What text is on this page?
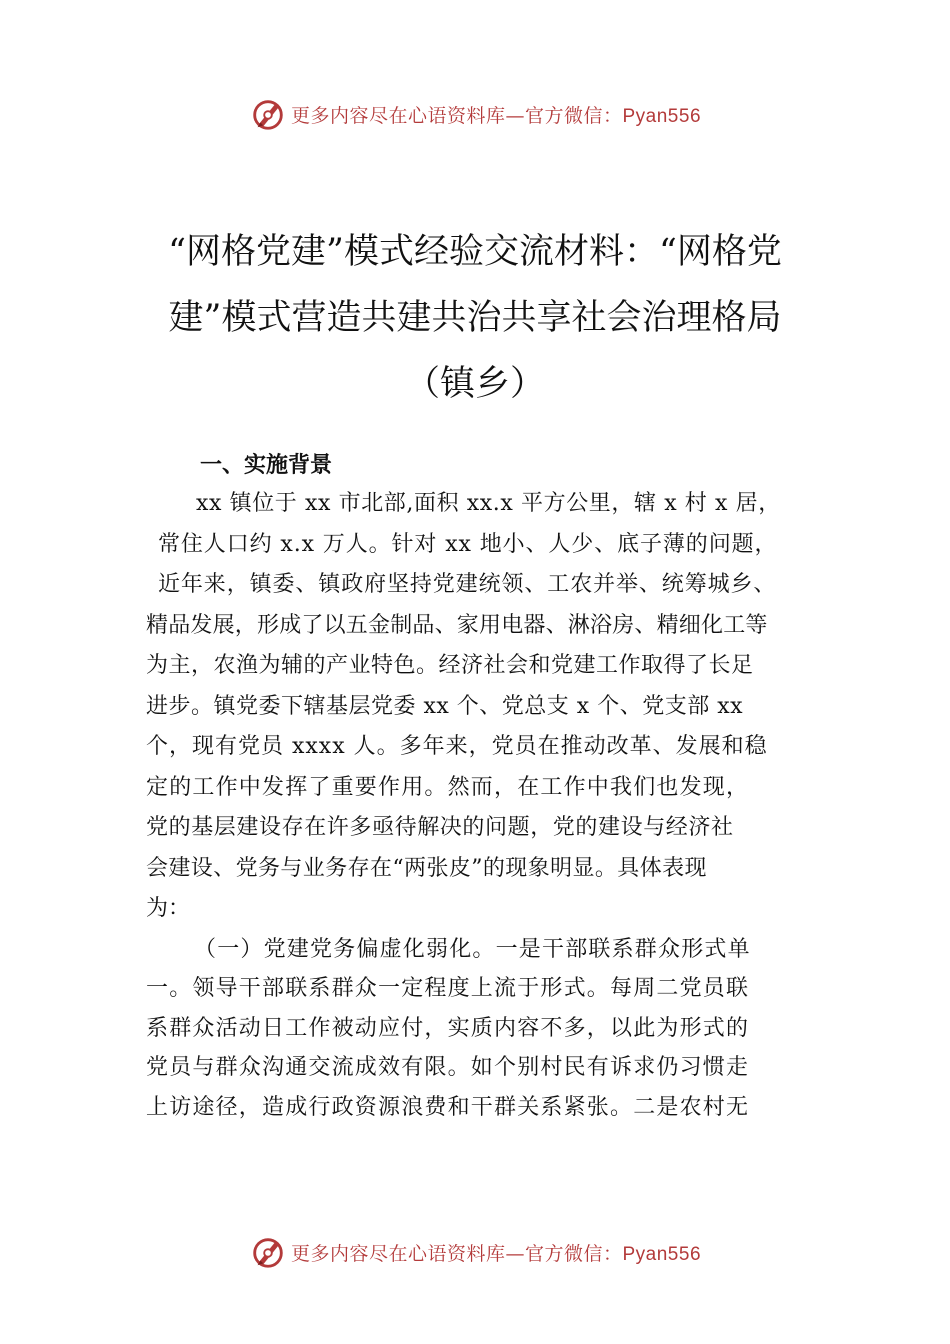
更多内容尽在心语资料库—官方微信：Pyan556
“网格党建”模式经验交流材料：“网格党
建”模式营造共建共治共享社会治理格局
（镇乡）
一、实施背景

xx 镇位于 xx 市北部,面积 xx.x 平方公里，辖 x 村 x 居，
常住人口约 x.x 万人。针对 xx 地小、人少、底子薄的问题，
近年来，镇委、镇政府坚持党建统领、工农并举、统筹城乡、
精品发展，形成了以五金制品、家用电器、淋浴房、精细化工等
为主，农渔为辅的产业特色。经济社会和党建工作取得了长足
进步。镇党委下辖基层党委 xx 个、党总支 x 个、党支部 xx
个，现有党员 xxxx 人。多年来，党员在推动改革、发展和稳
定的工作中发挥了重要作用。然而，在工作中我们也发现，
党的基层建设存在许多亟待解决的问题，党的建设与经济社
会建设、党务与业务存在“两张皮”的现象明显。具体表现
为：

（一）党建党务偏虚化弱化。一是干部联系群众形式单
一。领导干部联系群众一定程度上流于形式。每周二党员联
系群众活动日工作被动应付，实质内容不多，以此为形式的
党员与群众沟通交流成效有限。如个别村民有诉求仍习惯走
上访途径，造成行政资源浪费和干群关系紧张。二是农村无

更多内容尽在心语资料库—官方微信：Pyan556
